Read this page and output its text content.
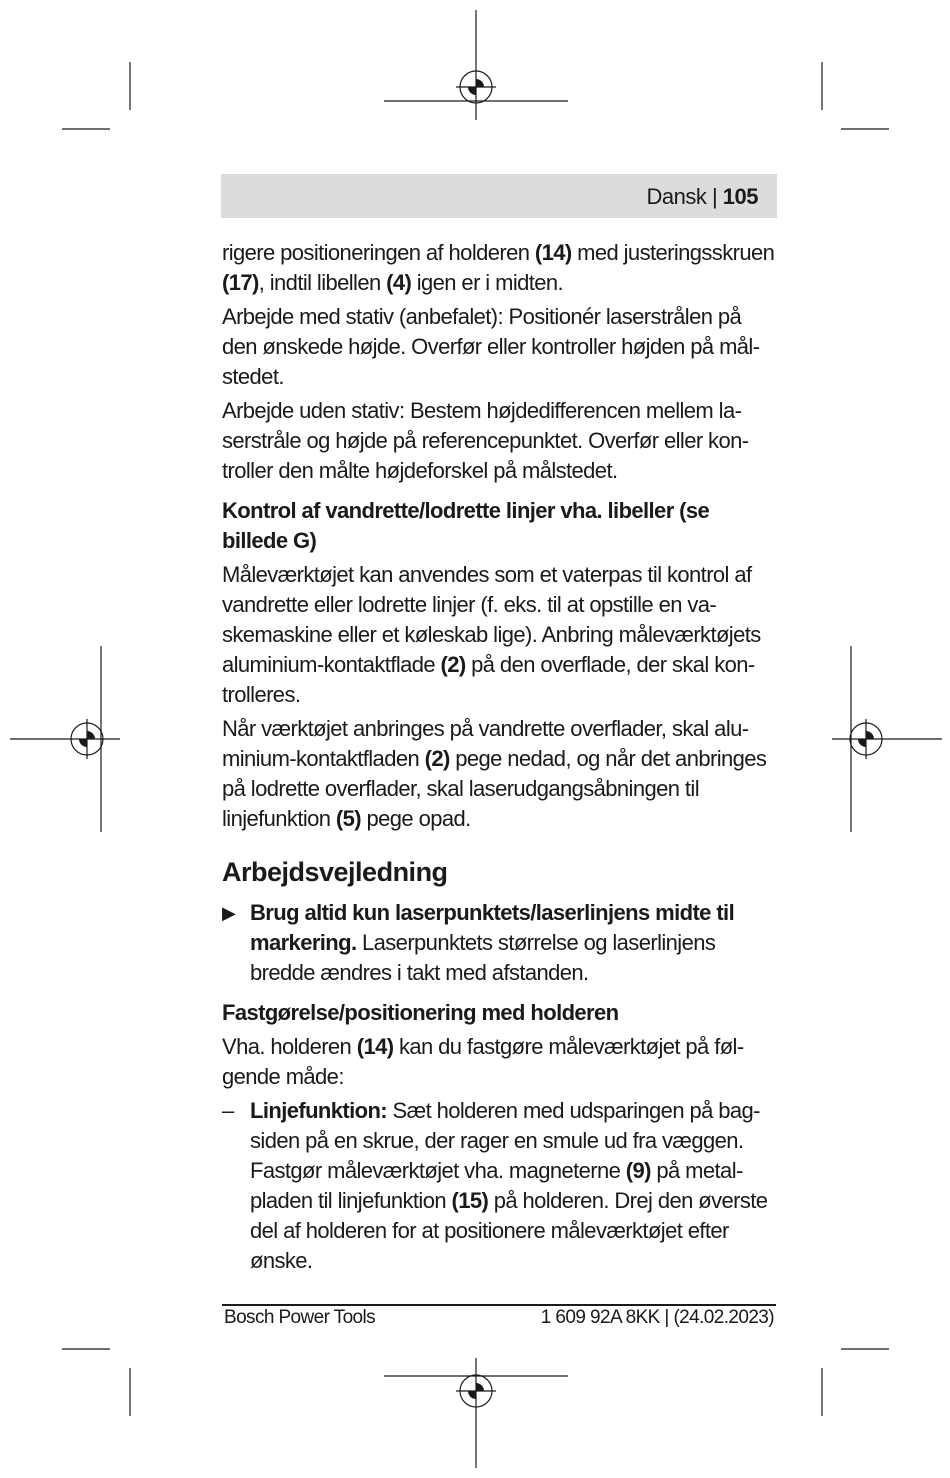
Dansk | 105

rigere positioneringen af holderen (14) med justeringsskruen (17), indtil libellen (4) igen er i midten.

Arbejde med stativ (anbefalet): Positionér laserstrålen på den ønskede højde. Overfør eller kontroller højden på målstedet.

Arbejde uden stativ: Bestem højdedifferencen mellem laserstråle og højde på referencepunktet. Overfør eller kontroller den målte højdeforskel på målstedet.

Kontrol af vandrette/lodrette linjer vha. libeller (se billede G)

Måleværktøjet kan anvendes som et vaterpas til kontrol af vandrette eller lodrette linjer (f. eks. til at opstille en vaskemaskine eller et køleskab lige). Anbring måleværktøjets aluminium-kontaktflade (2) på den overflade, der skal kontrolleres.

Når værktøjet anbringes på vandrette overflader, skal aluminium-kontaktfladen (2) pege nedad, og når det anbringes på lodrette overflader, skal laserudgangsåbningen til linjefunktion (5) pege opad.

Arbejdsvejledning
▶ Brug altid kun laserpunktets/laserlinjens midte til markering. Laserpunktets størrelse og laserlinjens bredde ændres i takt med afstanden.
Fastgørelse/positionering med holderen

Vha. holderen (14) kan du fastgøre måleværktøjet på følgende måde:

– Linjefunktion: Sæt holderen med udsparingen på bagsiden på en skrue, der rager en smule ud fra væggen. Fastgør måleværktøjet vha. magneterne (9) på metalpladen til linjefunktion (15) på holderen. Drej den øverste del af holderen for at positionere måleværktøjet efter ønske.
Bosch Power Tools	1 609 92A 8KK | (24.02.2023)
